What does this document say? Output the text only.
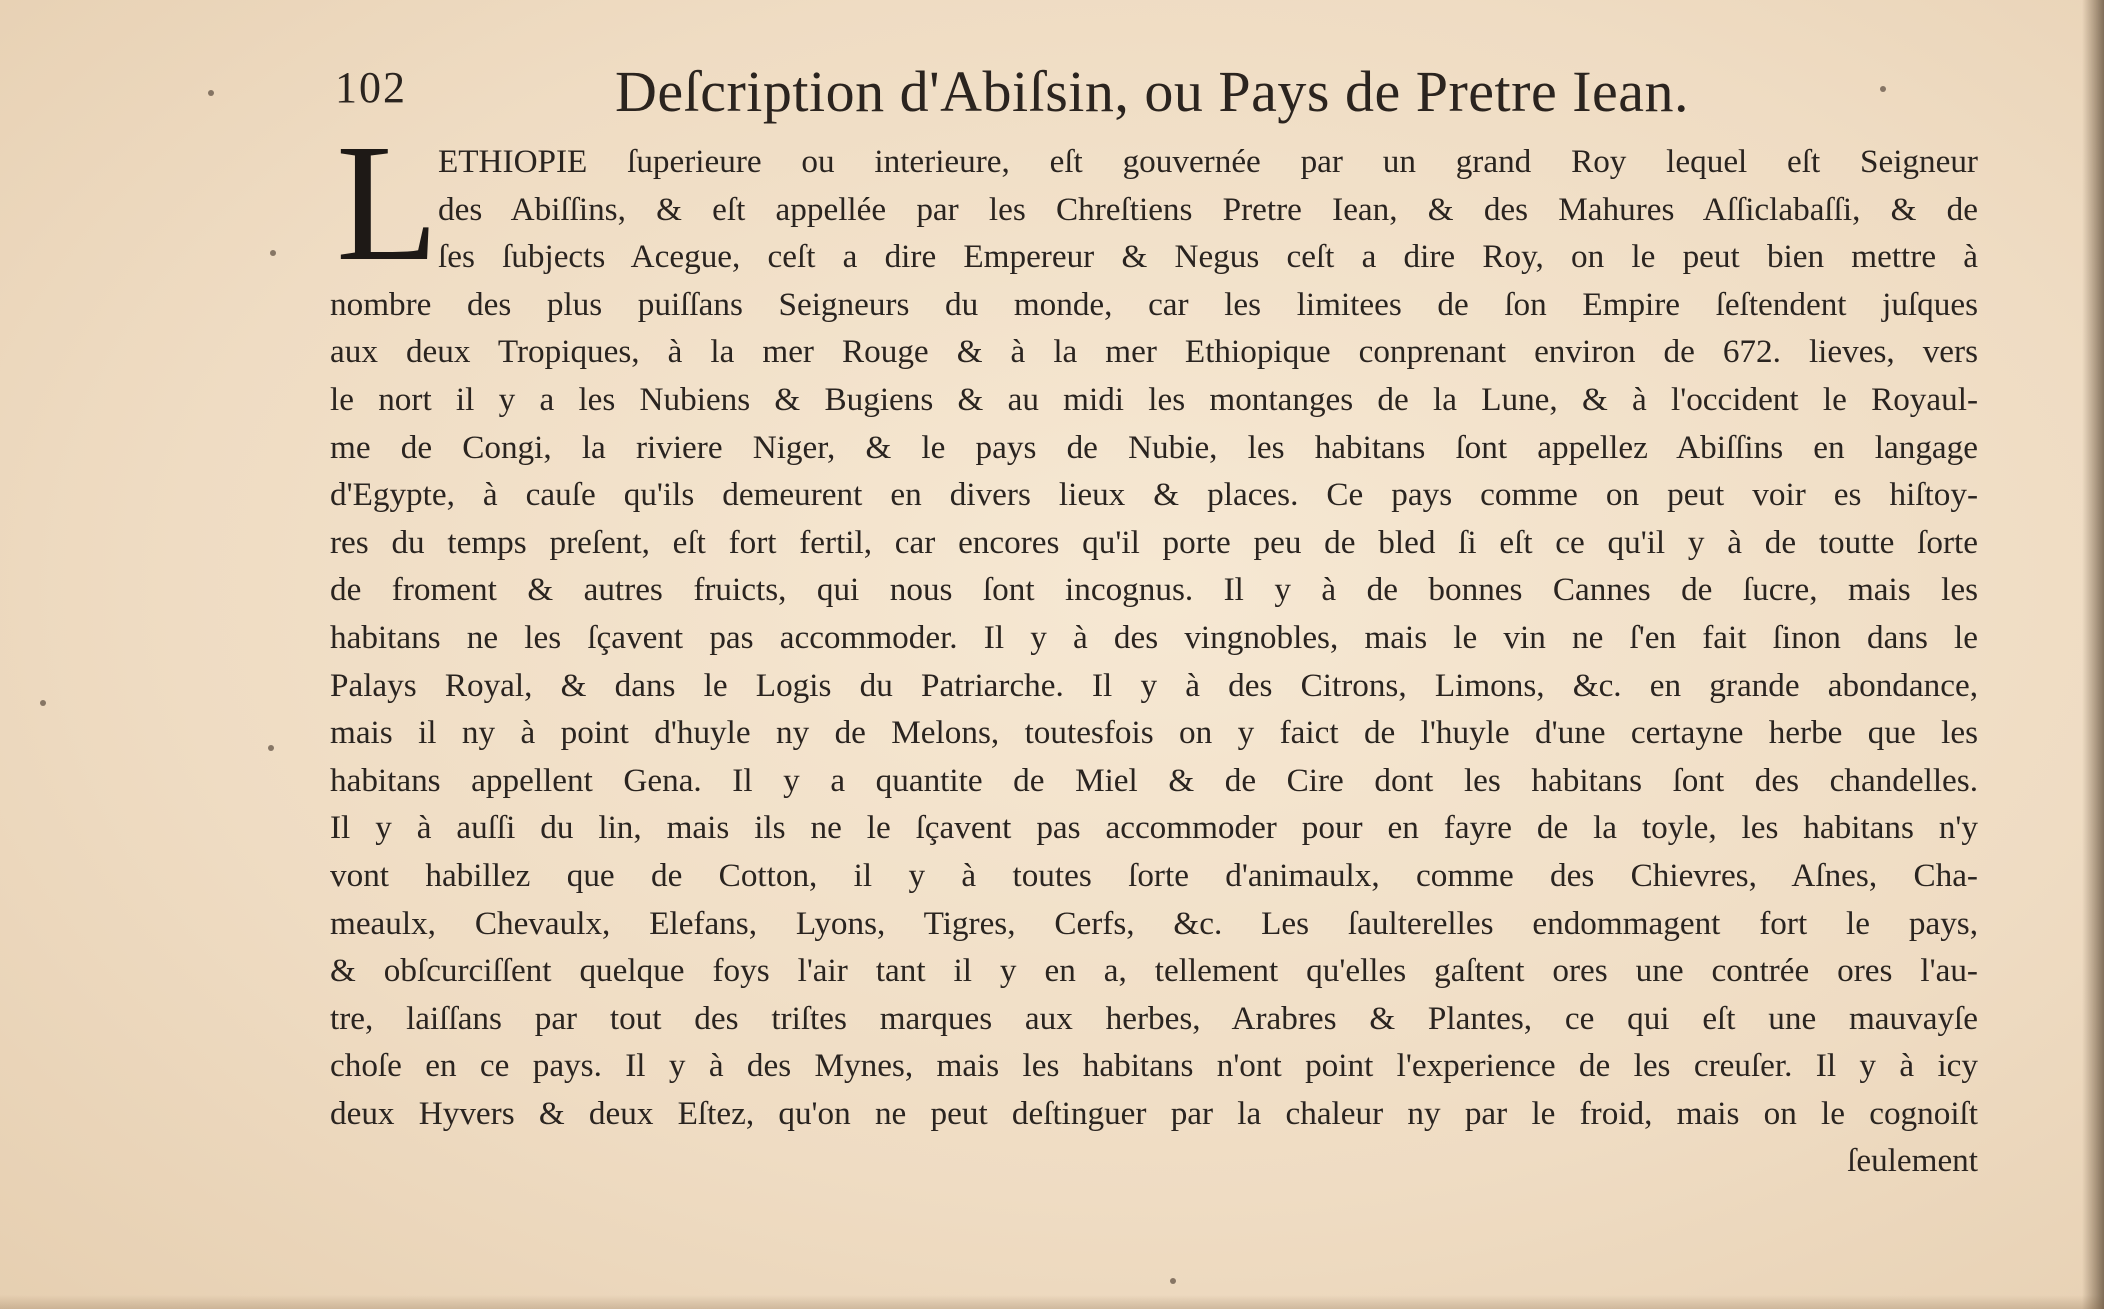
102	Deſcription d'Abiſsin, ou Pays de Pretre Iean.
L ETHIOPIE ſuperieure ou interieure, eſt gouvernée par un grand Roy lequel eſt Seigneur
des Abiſſins, & eſt appellée par les Chreſtiens Pretre Iean, & des Mahures Aſſiclabaſſi, & de
ſes ſubjects Acegue, ceſt a dire Empereur & Negus ceſt a dire Roy, on le peut bien mettre à
nombre des plus puiſſans Seigneurs du monde, car les limitees de ſon Empire ſeſtendent juſques
aux deux Tropiques, à la mer Rouge & à la mer Ethiopique conprenant environ de 672. lieves, vers
le nort il y a les Nubiens & Bugiens & au midi les montanges de la Lune, & à l'occident le Royaul-
me de Congi, la riviere Niger, & le pays de Nubie, les habitans ſont appellez Abiſſins en langage
d'Egypte, à cauſe qu'ils demeurent en divers lieux & places. Ce pays comme on peut voir es hiſtoy-
res du temps preſent, eſt fort fertil, car encores qu'il porte peu de bled ſi eſt ce qu'il y à de toutte ſorte
de froment & autres fruicts, qui nous ſont incognus. Il y à de bonnes Cannes de ſucre, mais les
habitans ne les ſçavent pas accommoder. Il y à des vingnobles, mais le vin ne ſ'en fait ſinon dans le
Palays Royal, & dans le Logis du Patriarche. Il y à des Citrons, Limons, &c. en grande abondance,
mais il ny à point d'huyle ny de Melons, toutesfois on y faict de l'huyle d'une certayne herbe que les
habitans appellent Gena. Il y a quantite de Miel & de Cire dont les habitans ſont des chandelles.
Il y à auſſi du lin, mais ils ne le ſçavent pas accommoder pour en fayre de la toyle, les habitans n'y
vont habillez que de Cotton, il y à toutes ſorte d'animaulx, comme des Chievres, Aſnes, Cha-
meaulx, Chevaulx, Elefans, Lyons, Tigres, Cerfs, &c. Les ſaulterelles endommagent fort le pays,
& obſcurciſſent quelque foys l'air tant il y en a, tellement qu'elles gaſtent ores une contrée ores l'au-
tre, laiſſans par tout des triſtes marques aux herbes, Arabres & Plantes, ce qui eſt une mauvayſe
choſe en ce pays. Il y à des Mynes, mais les habitans n'ont point l'experience de les creuſer. Il y à icy
deux Hyvers & deux Eſtez, qu'on ne peut deſtinguer par la chaleur ny par le froid, mais on le cognoiſt
ſeulement
